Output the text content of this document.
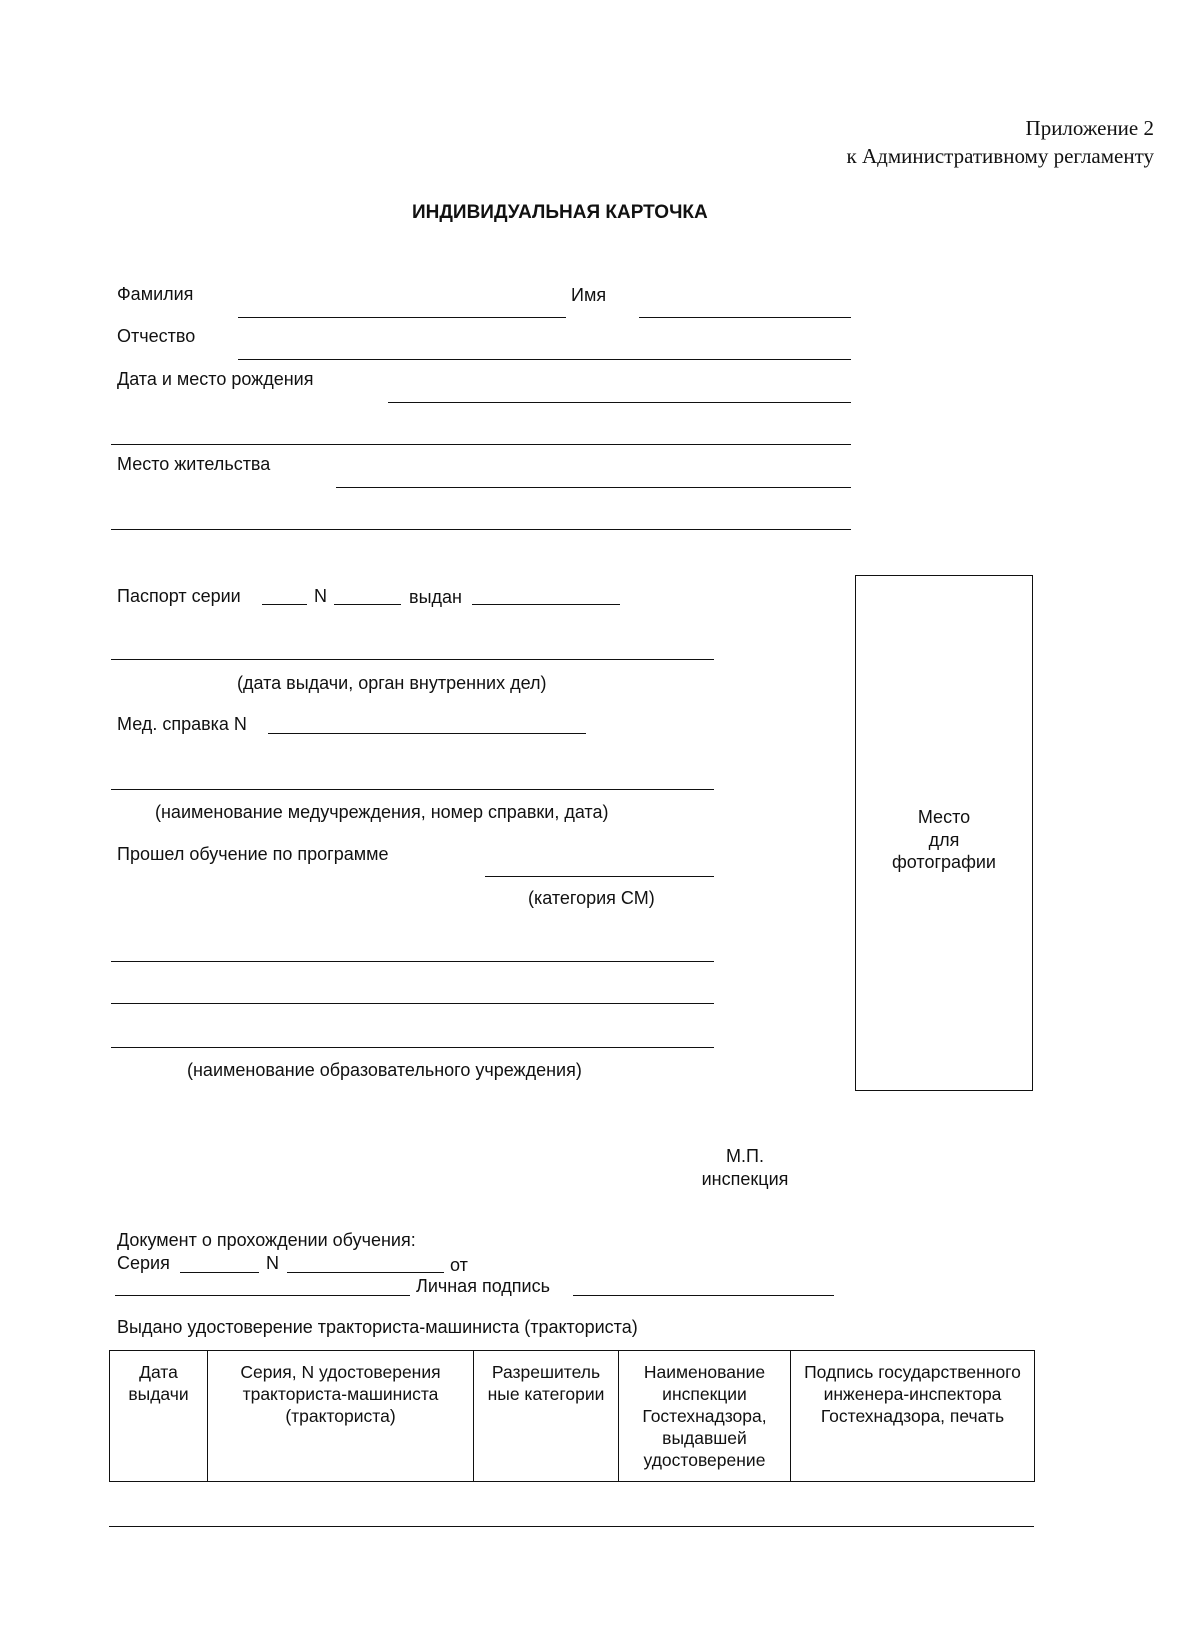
Приложение 2
к Административному регламенту
ИНДИВИДУАЛЬНАЯ КАРТОЧКА
Фамилия	Имя
Отчество
Дата и место рождения
Место жительства
Паспорт серии	N	выдан
(дата выдачи, орган внутренних дел)
Мед. справка N
(наименование медучреждения, номер справки, дата)
Прошел обучение по программе
(категория СМ)
(наименование образовательного учреждения)
Место
для
фотографии
М.П.
инспекция
Документ о прохождении обучения:
Серия	N	от
Личная подпись
Выдано удостоверение тракториста-машиниста (тракториста)
Дата выдачи	Серия, N удостоверения тракториста-машиниста (тракториста)	Разрешитель ные категории	Наименование инспекции Гостехнадзора, выдавшей удостоверение	Подпись государственного инженера-инспектора Гостехнадзора, печать
